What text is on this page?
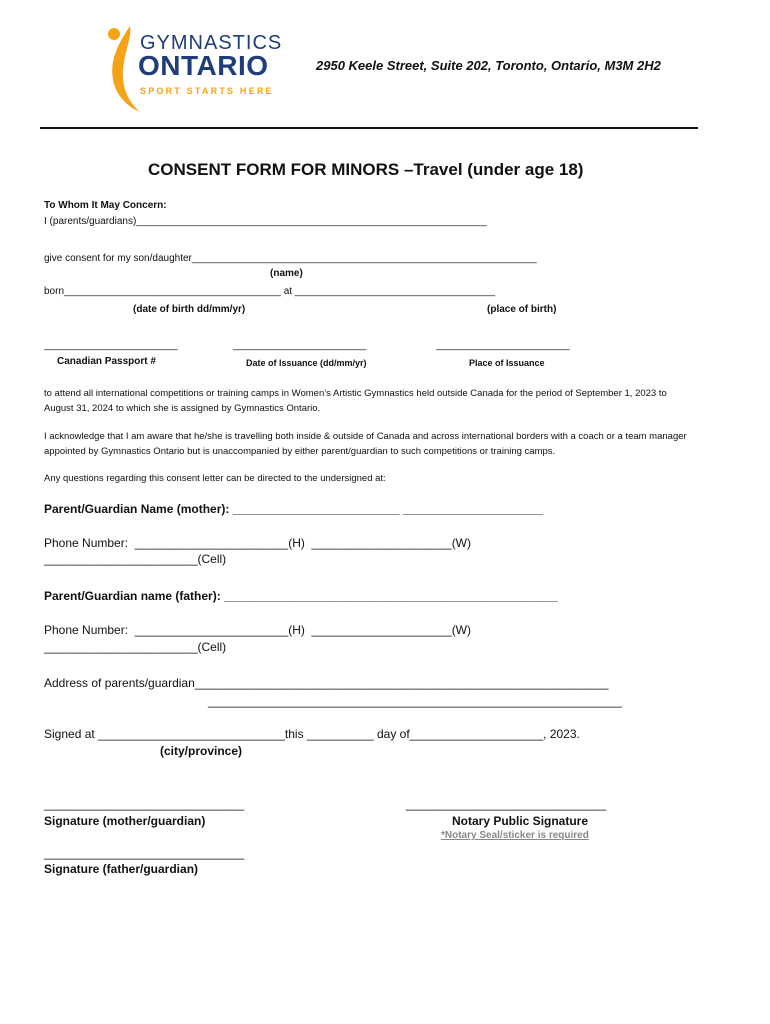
GYMNASTICS
ONTARIO
SPORT STARTS HERE
2950 Keele Street, Suite 202, Toronto, Ontario, M3M 2H2
CONSENT FORM FOR MINORS –Travel (under age 18)
To Whom It May Concern:
I (parents/guardians)_______________________________________________________________
give consent for my son/daughter______________________________________________________________
(name)
born_______________________________________ at ____________________________________
(date of birth dd/mm/yr)	(place of birth)
________________________	________________________	________________________
Canadian Passport #	Date of Issuance (dd/mm/yr)	Place of Issuance
to attend all international competitions or training camps in Women’s Artistic Gymnastics held outside Canada for the period of September 1, 2023 to August 31, 2024 to which she is assigned by Gymnastics Ontario.
I acknowledge that I am aware that he/she is travelling both inside & outside of Canada and across international borders with a coach or a team manager appointed by Gymnastics Ontario but is unaccompanied by either parent/guardian to such competitions or training camps.
Any questions regarding this consent letter can be directed to the undersigned at:
Parent/Guardian Name (mother): _________________________ _____________________
Phone Number:  _______________________(H)  _____________________(W)
_______________________(Cell)
Parent/Guardian name (father): __________________________________________________
Phone Number:  _______________________(H)  _____________________(W)
_______________________(Cell)
Address of parents/guardian______________________________________________________________
______________________________________________________________
Signed at ____________________________this __________ day of____________________, 2023.
(city/province)
______________________________	______________________________
Signature (mother/guardian)	Notary Public Signature
*Notary Seal/sticker is required
______________________________
Signature (father/guardian)
